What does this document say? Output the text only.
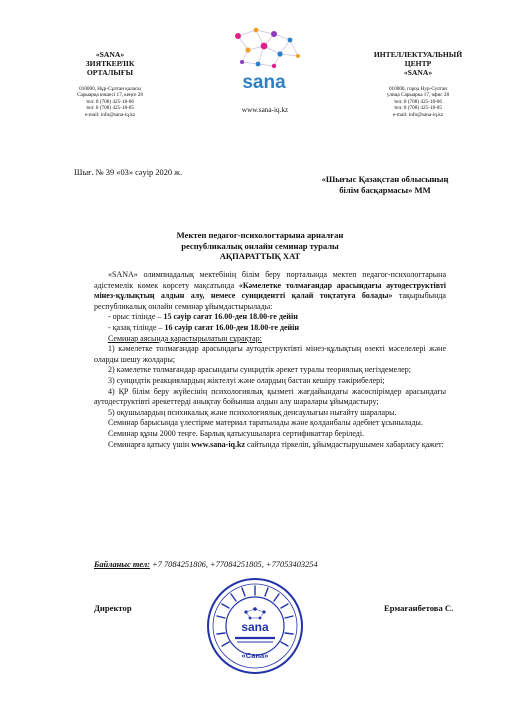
«SANA»
ЗИЯТКЕРЛІК
ОРТАЛЫҒЫ
010000, Нұр-Сұлтан қаласы
Сарыарқа көшесі 17, кеңсе 28
тел: 8 (708) 425-18-06
тел: 8 (708) 425-18-05
e-mail: info@sana-iq.kz
sana
www.sana-iq.kz
ИНТЕЛЛЕКТУАЛЬНЫЙ
ЦЕНТР
«SANA»
010000, город Нур-Султан
улица Сарыарка 17, офис 28
тел: 8 (708) 425-18-06
тел: 8 (708) 425-18-05
e-mail: info@sana-iq.kz
Шығ. № 39 «03» сәуір 2020 ж.
«Шығыс Қазақстан облысының
білім басқармасы» ММ
Мектеп педагог-психологтарына арналған
республикалық онлайн семинар туралы
АҚПАРАТТЫҚ ХАТ

«SANA» олимпиадалық мектебінің білім беру порталында мектеп педагог-психологтарына әдістемелік көмек көрсету мақсатында «Кәмелетке толмағандар арасындағы аутодеструктівті мінез-құлықтың алдын алу, немесе суицидентті қалай тоқтатуға болады» тақырыбында республикалық онлайн семинар ұйымдастырылады:

- орыс тілінде – 15 сәуір сағат 16.00-ден 18.00-ге дейін

- қазақ тілінде – 16 сәуір сағат 16.00-ден 18.00-ге дейін

Семинар аясында қарастырылатын сұрақтар:

1) кәмелетке толмағандар арасындағы аутодеструктівті мінез-құлықтың өзекті мәселелері және оларды шешу жолдары;

2) кәмелетке толмағандар арасындағы суицидтік әрекет туралы теориялық негіздемелер;

3) суицидтік реакциялардың жіктелуі және олардың бастан кешіру тәжірибелері;

4) ҚР білім беру жүйесінің психологиялық қызметі жағдайындағы жасөспірімдер арасындағы аутодеструктівті әрекеттерді анықтау бойынша алдын алу шаралары ұйымдастыру;

5) оқушылардың психикалық және психологиялық денсаулығын нығайту шаралары.

Семинар барысында үлестірме материал таратылады және қолданбалы әдебиет ұсынылады.

Семинар құны 2000 теңге. Барлық қатысушыларға сертификаттар беріледі.

Семинарға қатысу үшін www.sana-iq.kz сайтында тіркеліп, ұйымдастырушымен хабарласу қажет:

Байланыс тел: +7 7084251806, +77084251805, +77053403254
Директор	Ермағанбетова С.
sana
«Сана»
